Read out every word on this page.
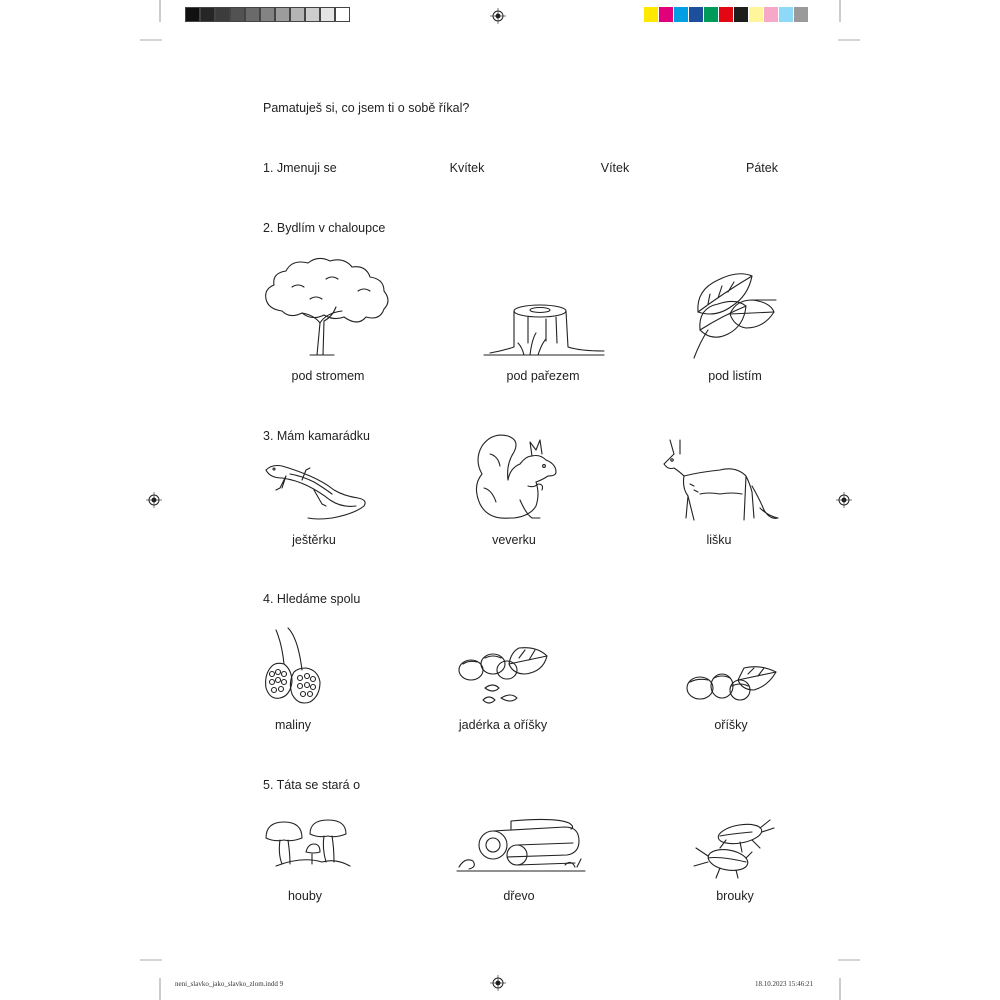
Pamatuješ si, co jsem ti o sobě říkal?
1. Jmenuji se	Kvítek	Vítek	Pátek
2. Bydlím v chaloupce
pod stromem	pod pařezem	pod listím
3. Mám kamarádku
ještěrku	veverku	lišku
4. Hledáme spolu
maliny	jadérka a oříšky	oříšky
5. Táta se stará o
houby	dřevo	brouky
neni_slavko_jako_slavko_zlom.indd 9	18.10.2023 15:46:21
